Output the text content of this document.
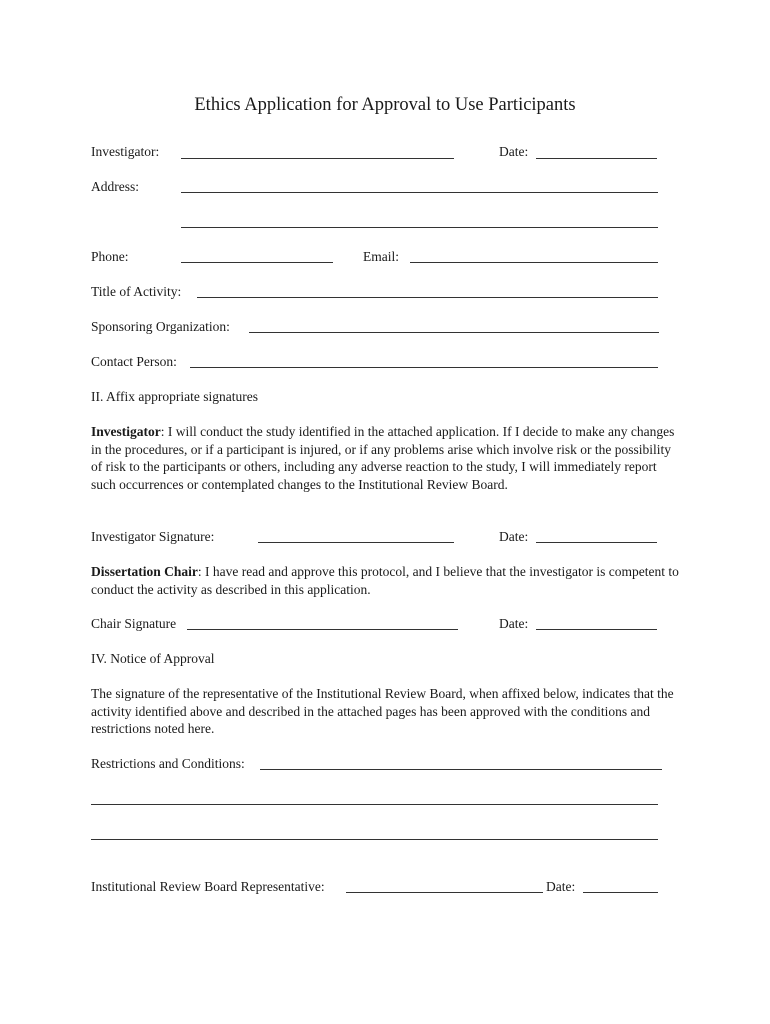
Ethics Application for Approval to Use Participants
Investigator:	Date:
Address:
Phone:	Email:
Title of Activity:
Sponsoring Organization:
Contact Person:
II. Affix appropriate signatures
Investigator: I will conduct the study identified in the attached application. If I decide to make any changes in the procedures, or if a participant is injured, or if any problems arise which involve risk or the possibility of risk to the participants or others, including any adverse reaction to the study, I will immediately report such occurrences or contemplated changes to the Institutional Review Board.
Investigator Signature:	Date:
Dissertation Chair: I have read and approve this protocol, and I believe that the investigator is competent to conduct the activity as described in this application.
Chair Signature	Date:
IV. Notice of Approval
The signature of the representative of the Institutional Review Board, when affixed below, indicates that the activity identified above and described in the attached pages has been approved with the conditions and restrictions noted here.
Restrictions and Conditions:
Institutional Review Board Representative:	Date:
